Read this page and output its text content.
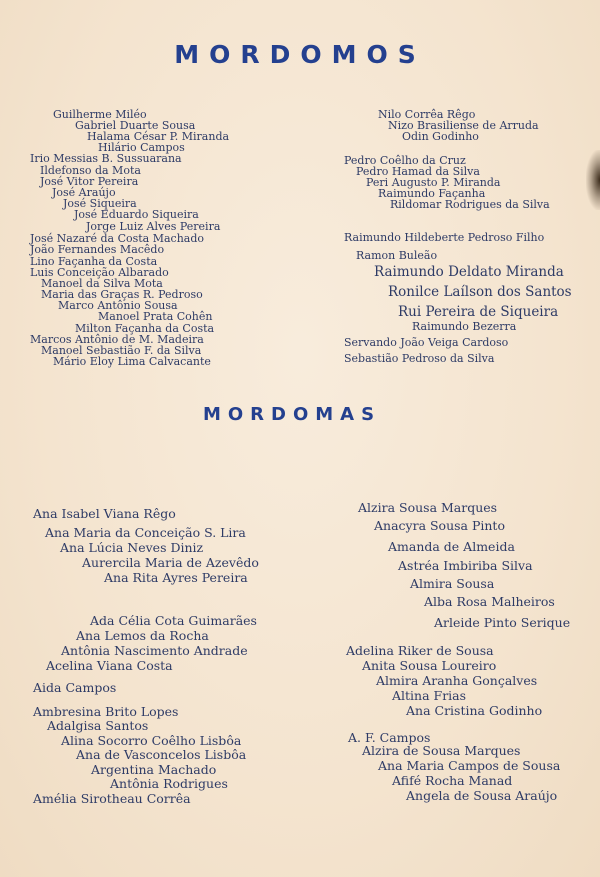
MORDOMOS
Guilherme Miléo
Gabriel Duarte Sousa
Halama César P. Miranda
Hilário Campos
Irio Messias B. Sussuarana
Ildefonso da Mota
José Vitor Pereira
José Araújo
José Siqueira
José Eduardo Siqueira
Jorge Luiz Alves Pereira
José Nazaré da Costa Machado
João Fernandes Macêdo
Lino Façanha da Costa
Luis Conceição Albarado
Manoel da Silva Mota
Maria das Graças R. Pedroso
Marco Antônio Sousa
Manoel Prata Cohên
Milton Façanha da Costa
Marcos Antônio de M. Madeira
Manoel Sebastião F. da Silva
Mário Eloy Lima Calvacante
Nilo Corrêa Rêgo
Nizo Brasiliense de Arruda
Odin Godinho
Pedro Coêlho da Cruz
Pedro Hamad da Silva
Peri Augusto P. Miranda
Raimundo Façanha
Rildomar Rodrigues da Silva
Raimundo Hildeberte Pedroso Filho
Ramon Buleão
Raimundo Deldato Miranda
Ronilce Laílson dos Santos
Rui Pereira de Siqueira
Raimundo Bezerra
Servando João Veiga Cardoso
Sebastião Pedroso da Silva
MORDOMAS
Ana Isabel Viana Rêgo
Ana Maria da Conceição S. Lira
Ana Lúcia Neves Diniz
Aurercila Maria de Azevêdo
Ana Rita Ayres Pereira
Ada Célia Cota Guimarães
Ana Lemos da Rocha
Antônia Nascimento Andrade
Acelina Viana Costa
Aida Campos
Ambresina Brito Lopes
Adalgisa Santos
Alina Socorro Coêlho Lisbôa
Ana de Vasconcelos Lisbôa
Argentina Machado
Antônia Rodrigues
Amélia Sirotheau Corrêa
Alzira Sousa Marques
Anacyra Sousa Pinto
Amanda de Almeida
Astréa Imbiriba Silva
Almira Sousa
Alba Rosa Malheiros
Arleide Pinto Serique
Adelina Riker de Sousa
Anita Sousa Loureiro
Almira Aranha Gonçalves
Altina Frias
Ana Cristina Godinho
A. F. Campos
Alzira de Sousa Marques
Ana Maria Campos de Sousa
Afifé Rocha Manad
Angela de Sousa Araújo
